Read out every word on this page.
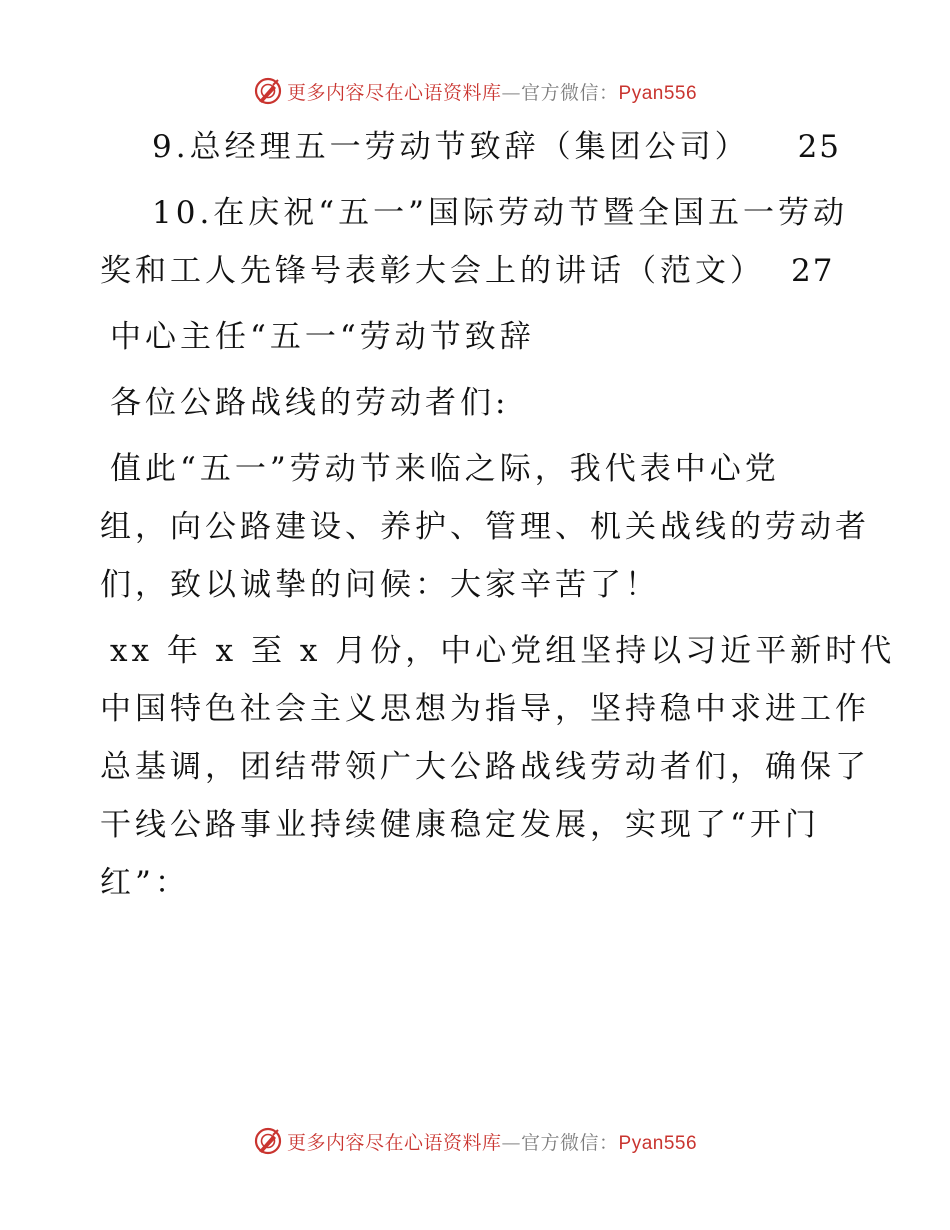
更多内容尽在心语资料库—官方微信：Pyan556
9.总经理五一劳动节致辞（集团公司） 25
10.在庆祝“五一”国际劳动节暨全国五一劳动
奖和工人先锋号表彰大会上的讲话（范文） 27
中心主任“五一“劳动节致辞
各位公路战线的劳动者们:
值此“五一”劳动节来临之际，我代表中心党
组，向公路建设、养护、管理、机关战线的劳动者
们，致以诚挚的问候：大家辛苦了！
xx 年 x 至 x 月份，中心党组坚持以习近平新时代
中国特色社会主义思想为指导，坚持稳中求进工作
总基调，团结带领广大公路战线劳动者们，确保了
干线公路事业持续健康稳定发展，实现了“开门
红”：
更多内容尽在心语资料库—官方微信：Pyan556
